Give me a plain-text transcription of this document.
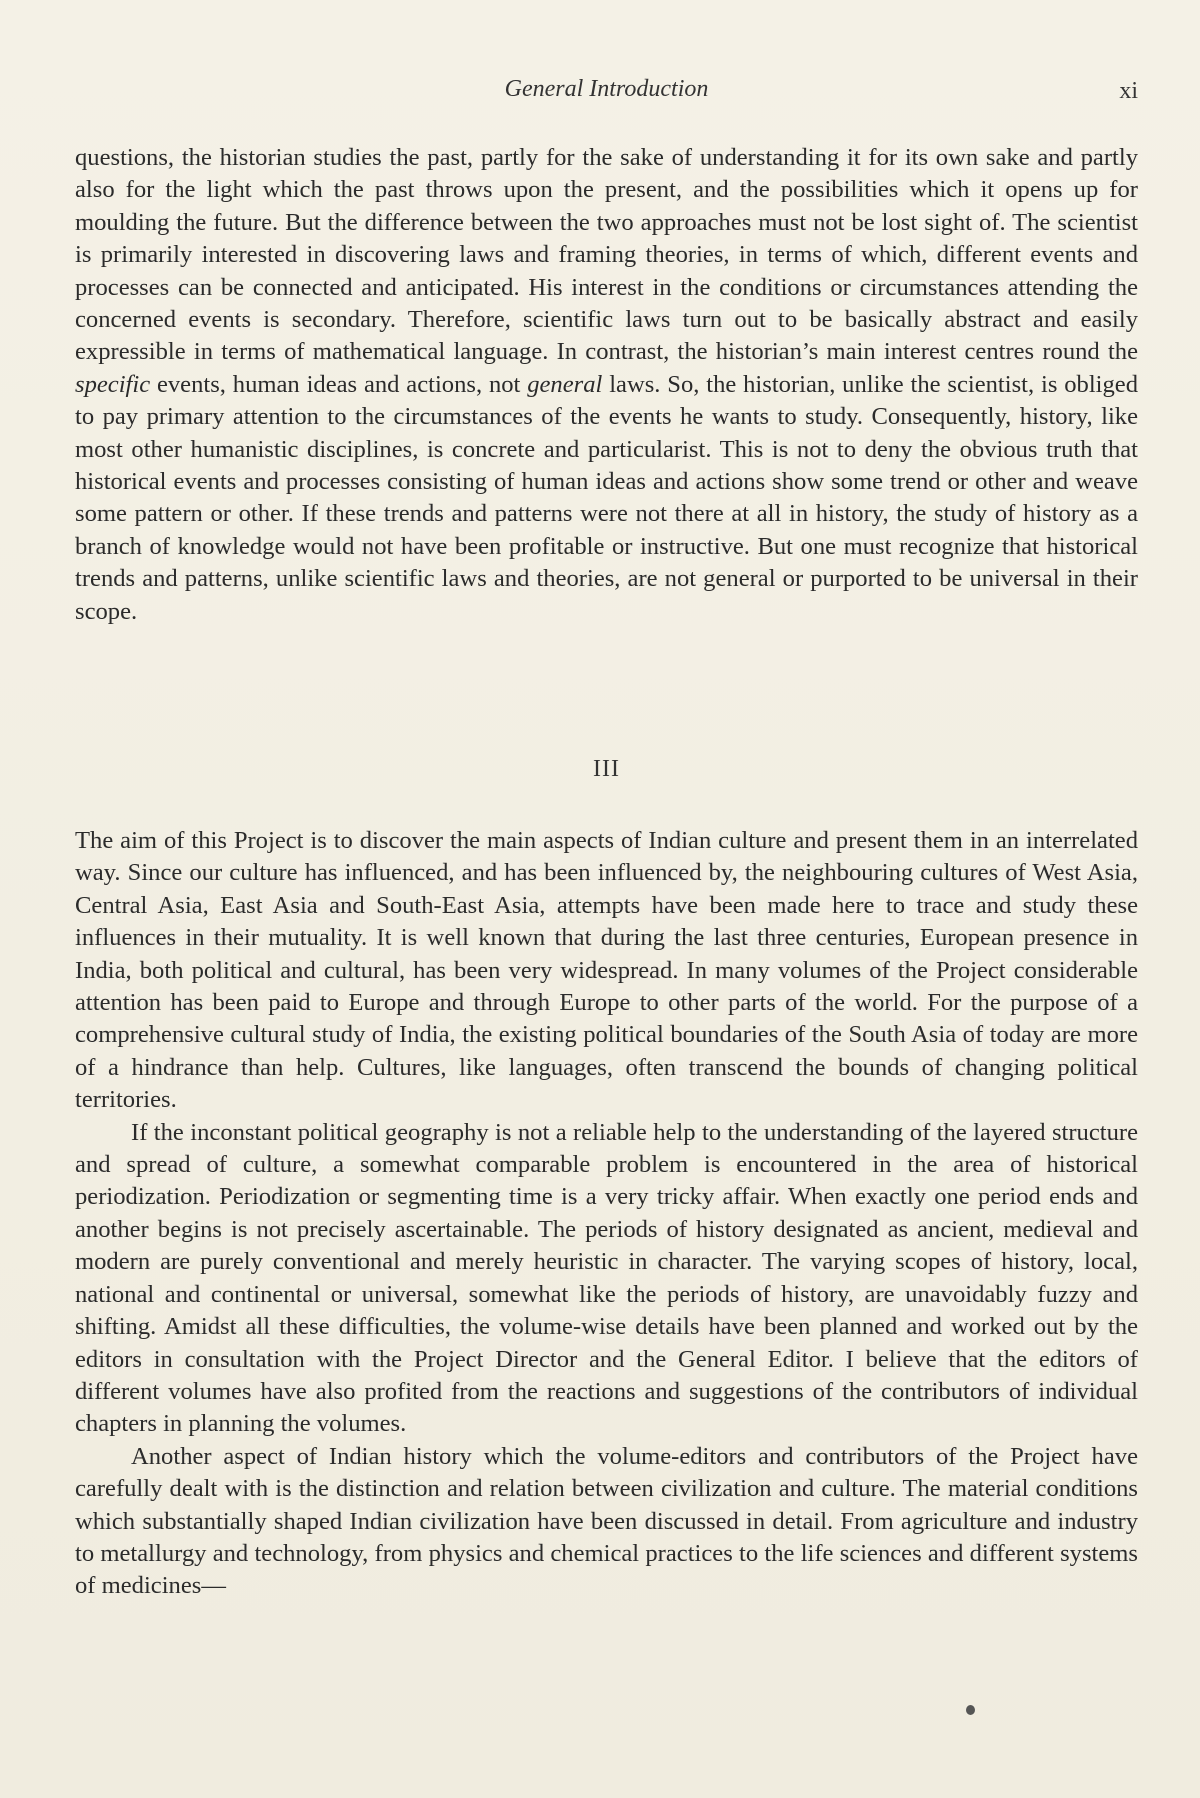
General Introduction	xi

questions, the historian studies the past, partly for the sake of understanding it for its own sake and partly also for the light which the past throws upon the present, and the possibilities which it opens up for moulding the future. But the difference between the two approaches must not be lost sight of. The scientist is primarily interested in discovering laws and framing theories, in terms of which, different events and processes can be connected and anticipated. His interest in the conditions or circumstances attending the concerned events is secondary. Therefore, scientific laws turn out to be basically abstract and easily expressible in terms of mathematical language. In contrast, the historian’s main interest centres round the specific events, human ideas and actions, not general laws. So, the historian, unlike the scientist, is obliged to pay primary attention to the circumstances of the events he wants to study. Consequently, history, like most other humanistic disciplines, is concrete and particularist. This is not to deny the obvious truth that historical events and processes consisting of human ideas and actions show some trend or other and weave some pattern or other. If these trends and patterns were not there at all in history, the study of history as a branch of knowledge would not have been profitable or instructive. But one must recognize that historical trends and patterns, unlike scientific laws and theories, are not general or purported to be universal in their scope.

III

The aim of this Project is to discover the main aspects of Indian culture and present them in an interrelated way. Since our culture has influenced, and has been influenced by, the neighbouring cultures of West Asia, Central Asia, East Asia and South-East Asia, attempts have been made here to trace and study these influences in their mutuality. It is well known that during the last three centuries, European presence in India, both political and cultural, has been very widespread. In many volumes of the Project considerable attention has been paid to Europe and through Europe to other parts of the world. For the purpose of a comprehensive cultural study of India, the existing political boundaries of the South Asia of today are more of a hindrance than help. Cultures, like languages, often transcend the bounds of changing political territories.

If the inconstant political geography is not a reliable help to the understanding of the layered structure and spread of culture, a somewhat comparable problem is encountered in the area of historical periodization. Periodization or segmenting time is a very tricky affair. When exactly one period ends and another begins is not precisely ascertainable. The periods of history designated as ancient, medieval and modern are purely conventional and merely heuristic in character. The varying scopes of history, local, national and continental or universal, somewhat like the periods of history, are unavoidably fuzzy and shifting. Amidst all these difficulties, the volume-wise details have been planned and worked out by the editors in consultation with the Project Director and the General Editor. I believe that the editors of different volumes have also profited from the reactions and suggestions of the contributors of individual chapters in planning the volumes.

Another aspect of Indian history which the volume-editors and contributors of the Project have carefully dealt with is the distinction and relation between civilization and culture. The material conditions which substantially shaped Indian civilization have been discussed in detail. From agriculture and industry to metallurgy and technology, from physics and chemical practices to the life sciences and different systems of medicines—
